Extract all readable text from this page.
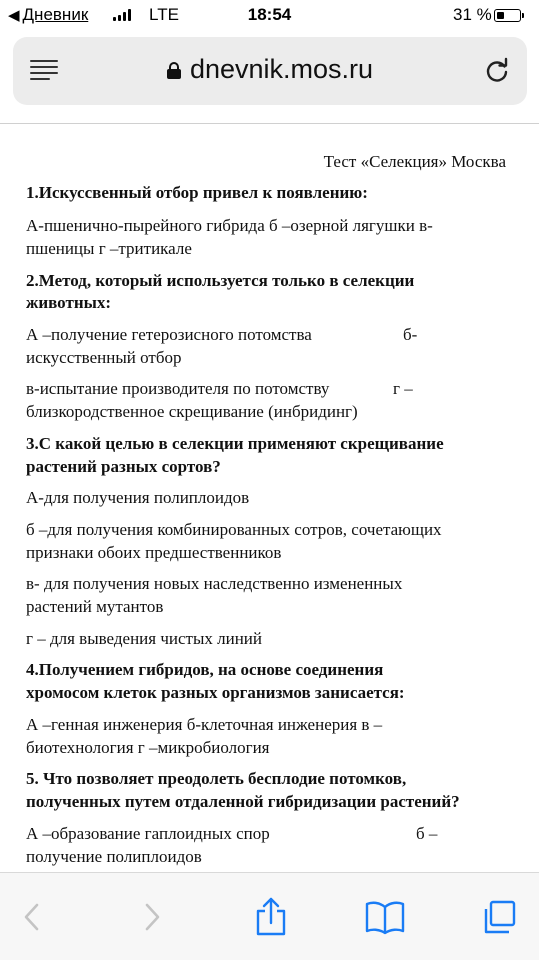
◀ Дневник	LTE	18:54	31 %
dnevnik.mos.ru
Тест «Селекция» Москва
1.Искуссвенный отбор привел к появлению:
А-пшенично-пырейного гибрида б –озерной лягушки в-
пшеницы г –тритикале
2.Метод, который используется только в селекции
животных:
А –получение гетерозисного потомства	б-
искусственный отбор
в-испытание производителя по потомству	г –
близкородственное скрещивание (инбридинг)
3.С какой целью в селекции применяют скрещивание
растений разных сортов?
А-для получения полиплоидов
б –для получения комбинированных сотров, сочетающих
признаки обоих предшественников
в- для получения новых наследственно измененных
растений мутантов
г – для выведения чистых линий
4.Получением гибридов, на основе соединения
хромосом клеток разных организмов занисается:
А –генная инженерия б-клеточная инженерия в –
биотехнология г –микробиология
5. Что позволяет преодолеть бесплодие потомков,
полученных путем отдаленной гибридизации растений?
А –образование гаплоидных спор	б –
получение полиплоидов
